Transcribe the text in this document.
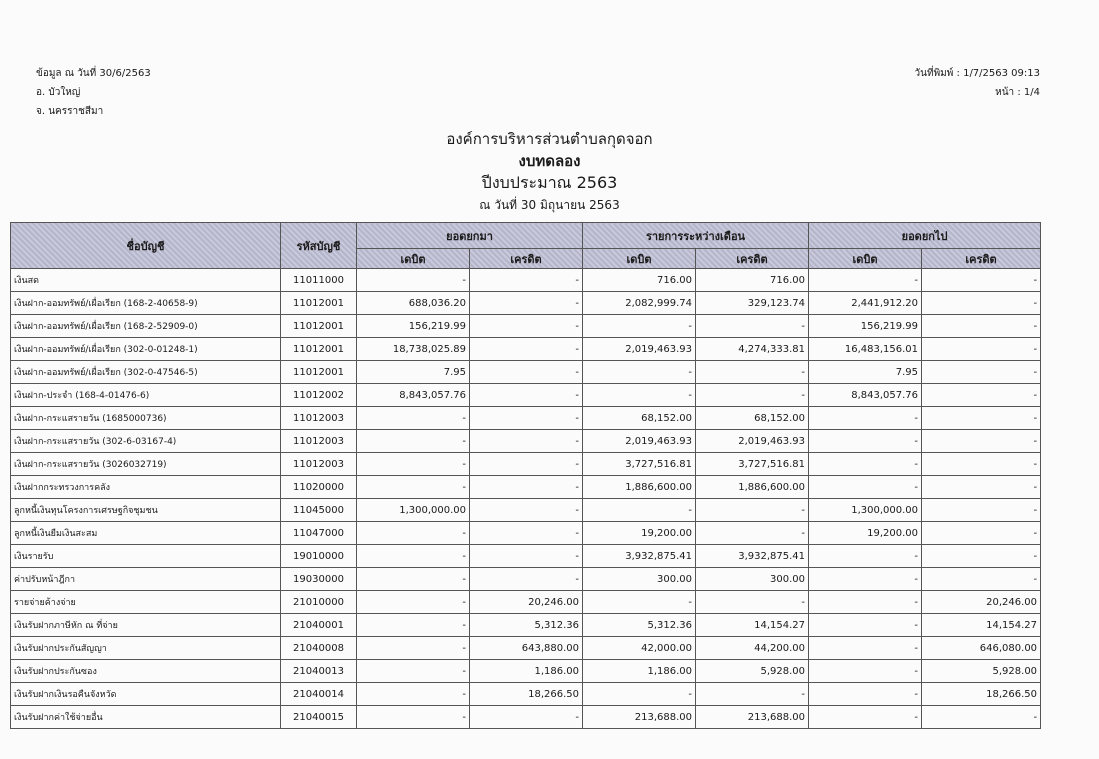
ข้อมูล ณ วันที่ 30/6/2563
อ. บัวใหญ่
จ. นครราชสีมา
วันที่พิมพ์ : 1/7/2563 09:13
หน้า : 1/4
องค์การบริหารส่วนตำบลกุดจอก
งบทดลอง
ปีงบประมาณ 2563
ณ วันที่ 30 มิถุนายน 2563
ชื่อบัญชี	รหัสบัญชี	ยอดยกมา		รายการระหว่างเดือน		ยอดยกไป	
		เดบิต	เครดิต	เดบิต	เครดิต	เดบิต	เครดิต
เงินสด	11011000	-	-	716.00	716.00	-	-
เงินฝาก-ออมทรัพย์/เผื่อเรียก (168-2-40658-9)	11012001	688,036.20	-	2,082,999.74	329,123.74	2,441,912.20	-
เงินฝาก-ออมทรัพย์/เผื่อเรียก (168-2-52909-0)	11012001	156,219.99	-	-	-	156,219.99	-
เงินฝาก-ออมทรัพย์/เผื่อเรียก (302-0-01248-1)	11012001	18,738,025.89	-	2,019,463.93	4,274,333.81	16,483,156.01	-
เงินฝาก-ออมทรัพย์/เผื่อเรียก (302-0-47546-5)	11012001	7.95	-	-	-	7.95	-
เงินฝาก-ประจำ (168-4-01476-6)	11012002	8,843,057.76	-	-	-	8,843,057.76	-
เงินฝาก-กระแสรายวัน (1685000736)	11012003	-	-	68,152.00	68,152.00	-	-
เงินฝาก-กระแสรายวัน (302-6-03167-4)	11012003	-	-	2,019,463.93	2,019,463.93	-	-
เงินฝาก-กระแสรายวัน (3026032719)	11012003	-	-	3,727,516.81	3,727,516.81	-	-
เงินฝากกระทรวงการคลัง	11020000	-	-	1,886,600.00	1,886,600.00	-	-
ลูกหนี้เงินทุนโครงการเศรษฐกิจชุมชน	11045000	1,300,000.00	-	-	-	1,300,000.00	-
ลูกหนี้เงินยืมเงินสะสม	11047000	-	-	19,200.00	-	19,200.00	-
เงินรายรับ	19010000	-	-	3,932,875.41	3,932,875.41	-	-
ค่าปรับหน้าฎีกา	19030000	-	-	300.00	300.00	-	-
รายจ่ายค้างจ่าย	21010000	-	20,246.00	-	-	-	20,246.00
เงินรับฝากภาษีหัก ณ ที่จ่าย	21040001	-	5,312.36	5,312.36	14,154.27	-	14,154.27
เงินรับฝากประกันสัญญา	21040008	-	643,880.00	42,000.00	44,200.00	-	646,080.00
เงินรับฝากประกันซอง	21040013	-	1,186.00	1,186.00	5,928.00	-	5,928.00
เงินรับฝากเงินรอคืนจังหวัด	21040014	-	18,266.50	-	-	-	18,266.50
เงินรับฝากค่าใช้จ่ายอื่น	21040015	-	-	213,688.00	213,688.00	-	-
